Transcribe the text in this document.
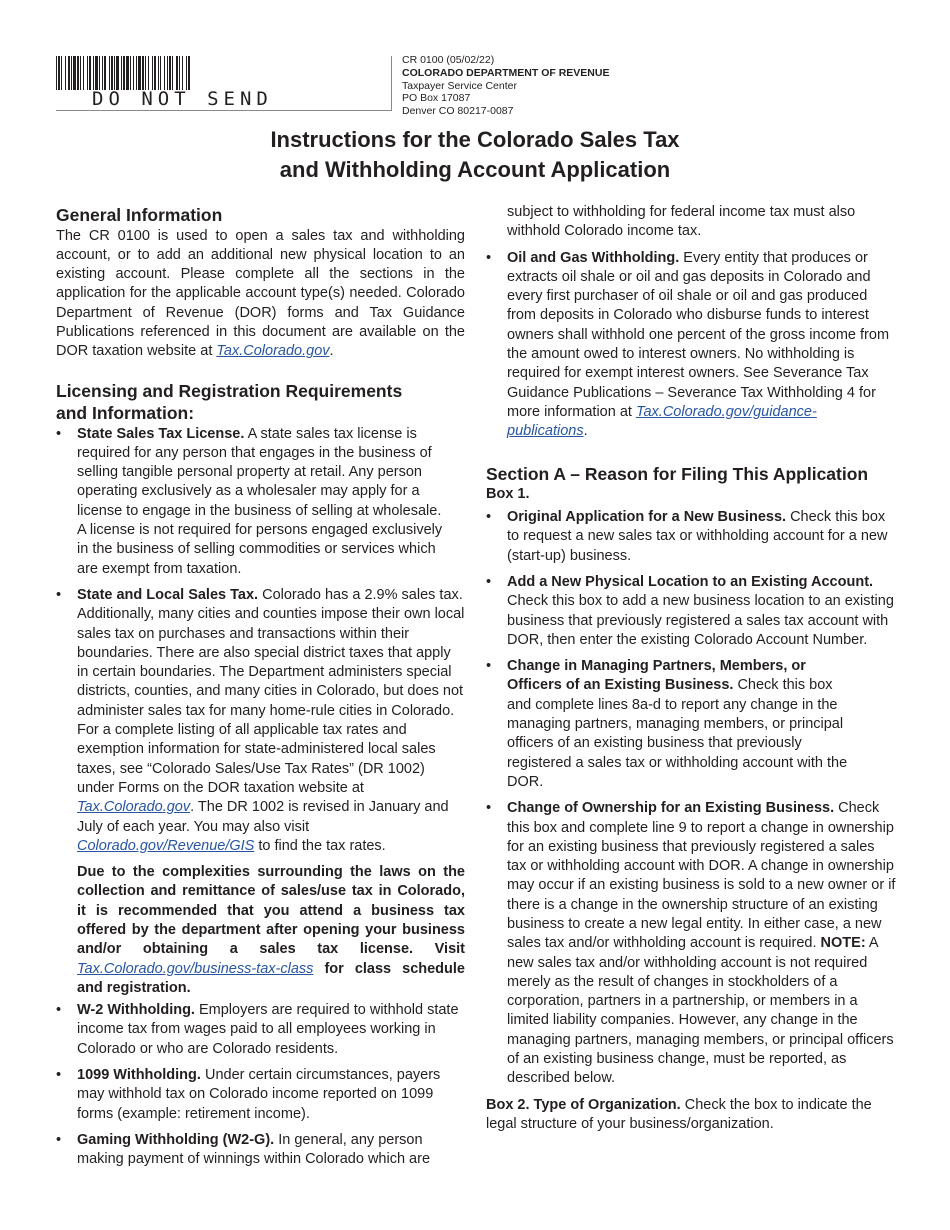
DO NOT SEND
CR 0100 (05/02/22)
COLORADO DEPARTMENT OF REVENUE
Taxpayer Service Center
PO Box 17087
Denver CO 80217-0087
Instructions for the Colorado Sales Tax
and Withholding Account Application
General Information

The CR 0100 is used to open a sales tax and withholding account, or to add an additional new physical location to an existing account. Please complete all the sections in the application for the applicable account type(s) needed. Colorado Department of Revenue (DOR) forms and Tax Guidance Publications referenced in this document are available on the DOR taxation website at Tax.Colorado.gov.

Licensing and Registration Requirements
and Information:
• State Sales Tax License. A state sales tax license is required for any person that engages in the business of selling tangible personal property at retail. Any person operating exclusively as a wholesaler may apply for a license to engage in the business of selling at wholesale. A license is not required for persons engaged exclusively in the business of selling commodities or services which are exempt from taxation.
• State and Local Sales Tax. Colorado has a 2.9% sales tax. Additionally, many cities and counties impose their own local sales tax on purchases and transactions within their boundaries. There are also special district taxes that apply in certain boundaries. The Department administers special districts, counties, and many cities in Colorado, but does not administer sales tax for many home-rule cities in Colorado. For a complete listing of all applicable tax rates and exemption information for state-administered local sales taxes, see “Colorado Sales/Use Tax Rates” (DR 1002) under Forms on the DOR taxation website at Tax.Colorado.gov. The DR 1002 is revised in January and July of each year. You may also visit Colorado.gov/Revenue/GIS to find the tax rates.
Due to the complexities surrounding the laws on the collection and remittance of sales/use tax in Colorado, it is recommended that you attend a business tax offered by the department after opening your business and/or obtaining a sales tax license. Visit Tax.Colorado.gov/business-tax-class for class schedule and registration.
• W-2 Withholding. Employers are required to withhold state income tax from wages paid to all employees working in Colorado or who are Colorado residents.
• 1099 Withholding. Under certain circumstances, payers may withhold tax on Colorado income reported on 1099 forms (example: retirement income).
• Gaming Withholding (W2-G). In general, any person making payment of winnings within Colorado which are
subject to withholding for federal income tax must also withhold Colorado income tax.
• Oil and Gas Withholding. Every entity that produces or extracts oil shale or oil and gas deposits in Colorado and every first purchaser of oil shale or oil and gas produced from deposits in Colorado who disburse funds to interest owners shall withhold one percent of the gross income from the amount owed to interest owners. No withholding is required for exempt interest owners. See Severance Tax Guidance Publications – Severance Tax Withholding 4 for more information at Tax.Colorado.gov/guidance-publications.
Section A – Reason for Filing This Application
Box 1.
• Original Application for a New Business. Check this box to request a new sales tax or withholding account for a new (start-up) business.
• Add a New Physical Location to an Existing Account. Check this box to add a new business location to an existing business that previously registered a sales tax account with DOR, then enter the existing Colorado Account Number.
• Change in Managing Partners, Members, or Officers of an Existing Business. Check this box and complete lines 8a-d to report any change in the managing partners, managing members, or principal officers of an existing business that previously registered a sales tax or withholding account with the DOR.
• Change of Ownership for an Existing Business. Check this box and complete line 9 to report a change in ownership for an existing business that previously registered a sales tax or withholding account with DOR. A change in ownership may occur if an existing business is sold to a new owner or if there is a change in the ownership structure of an existing business to create a new legal entity. In either case, a new sales tax and/or withholding account is required. NOTE: A new sales tax and/or withholding account is not required merely as the result of changes in stockholders of a corporation, partners in a partnership, or members in a limited liability companies. However, any change in the managing partners, managing members, or principal officers of an existing business change, must be reported, as described below.

Box 2. Type of Organization. Check the box to indicate the legal structure of your business/organization.
